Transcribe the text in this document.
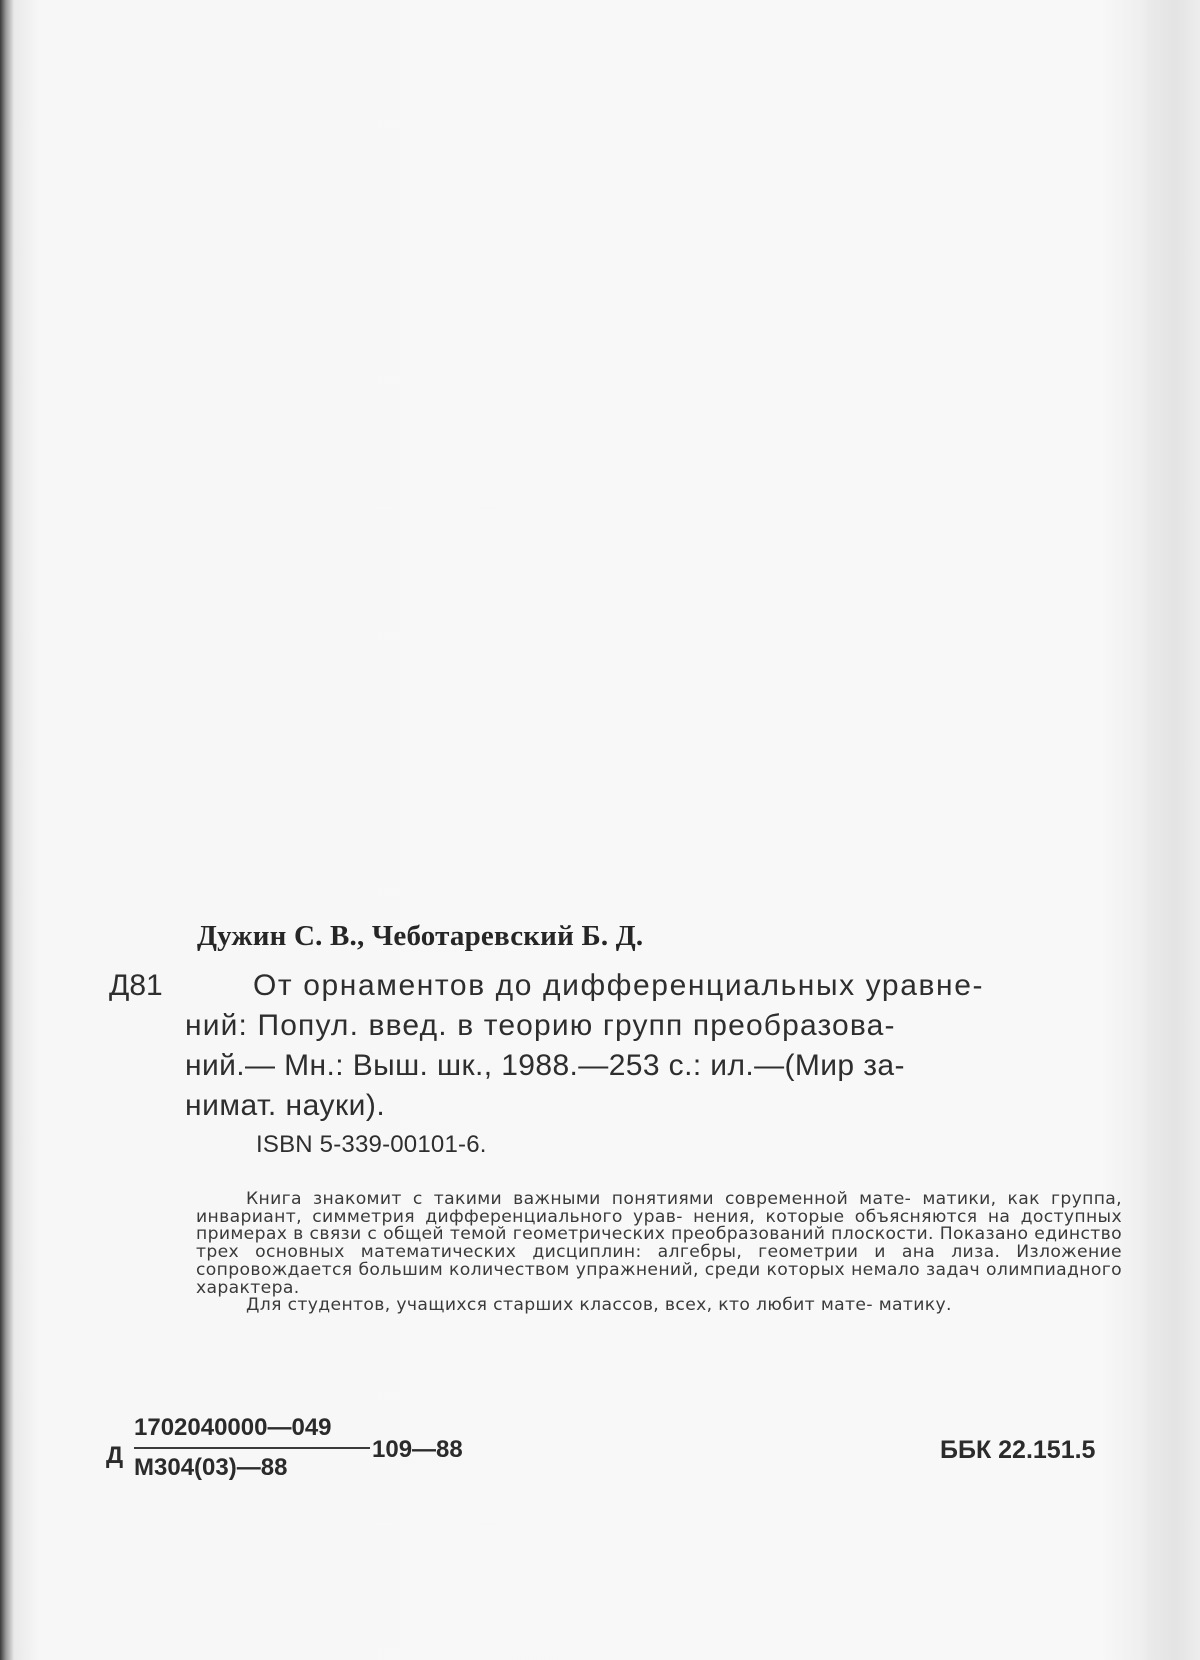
Дужин С. В., Чеботаревский Б. Д.
Д81	От орнаментов до дифференциальных уравне-
ний: Попул. введ. в теорию групп преобразова-
ний.— Мн.: Выш. шк., 1988.—253 с.: ил.—(Мир за-
нимат. науки).
ISBN 5-339-00101-6.

Книга знакомит с такими важными понятиями современной мате- матики, как группа, инвариант, симметрия дифференциального урав- нения, которые объясняются на доступных примерах в связи с общей темой геометрических преобразований плоскости. Показано единство трех основных математических дисциплин: алгебры, геометрии и ана лиза. Изложение сопровождается большим количеством упражнений, среди которых немало задач олимпиадного характера.

Для студентов, учащихся старших классов, всех, кто любит мате- матику.

Д
1702040000—049
М304(03)—88
109—88	ББК 22.151.5
